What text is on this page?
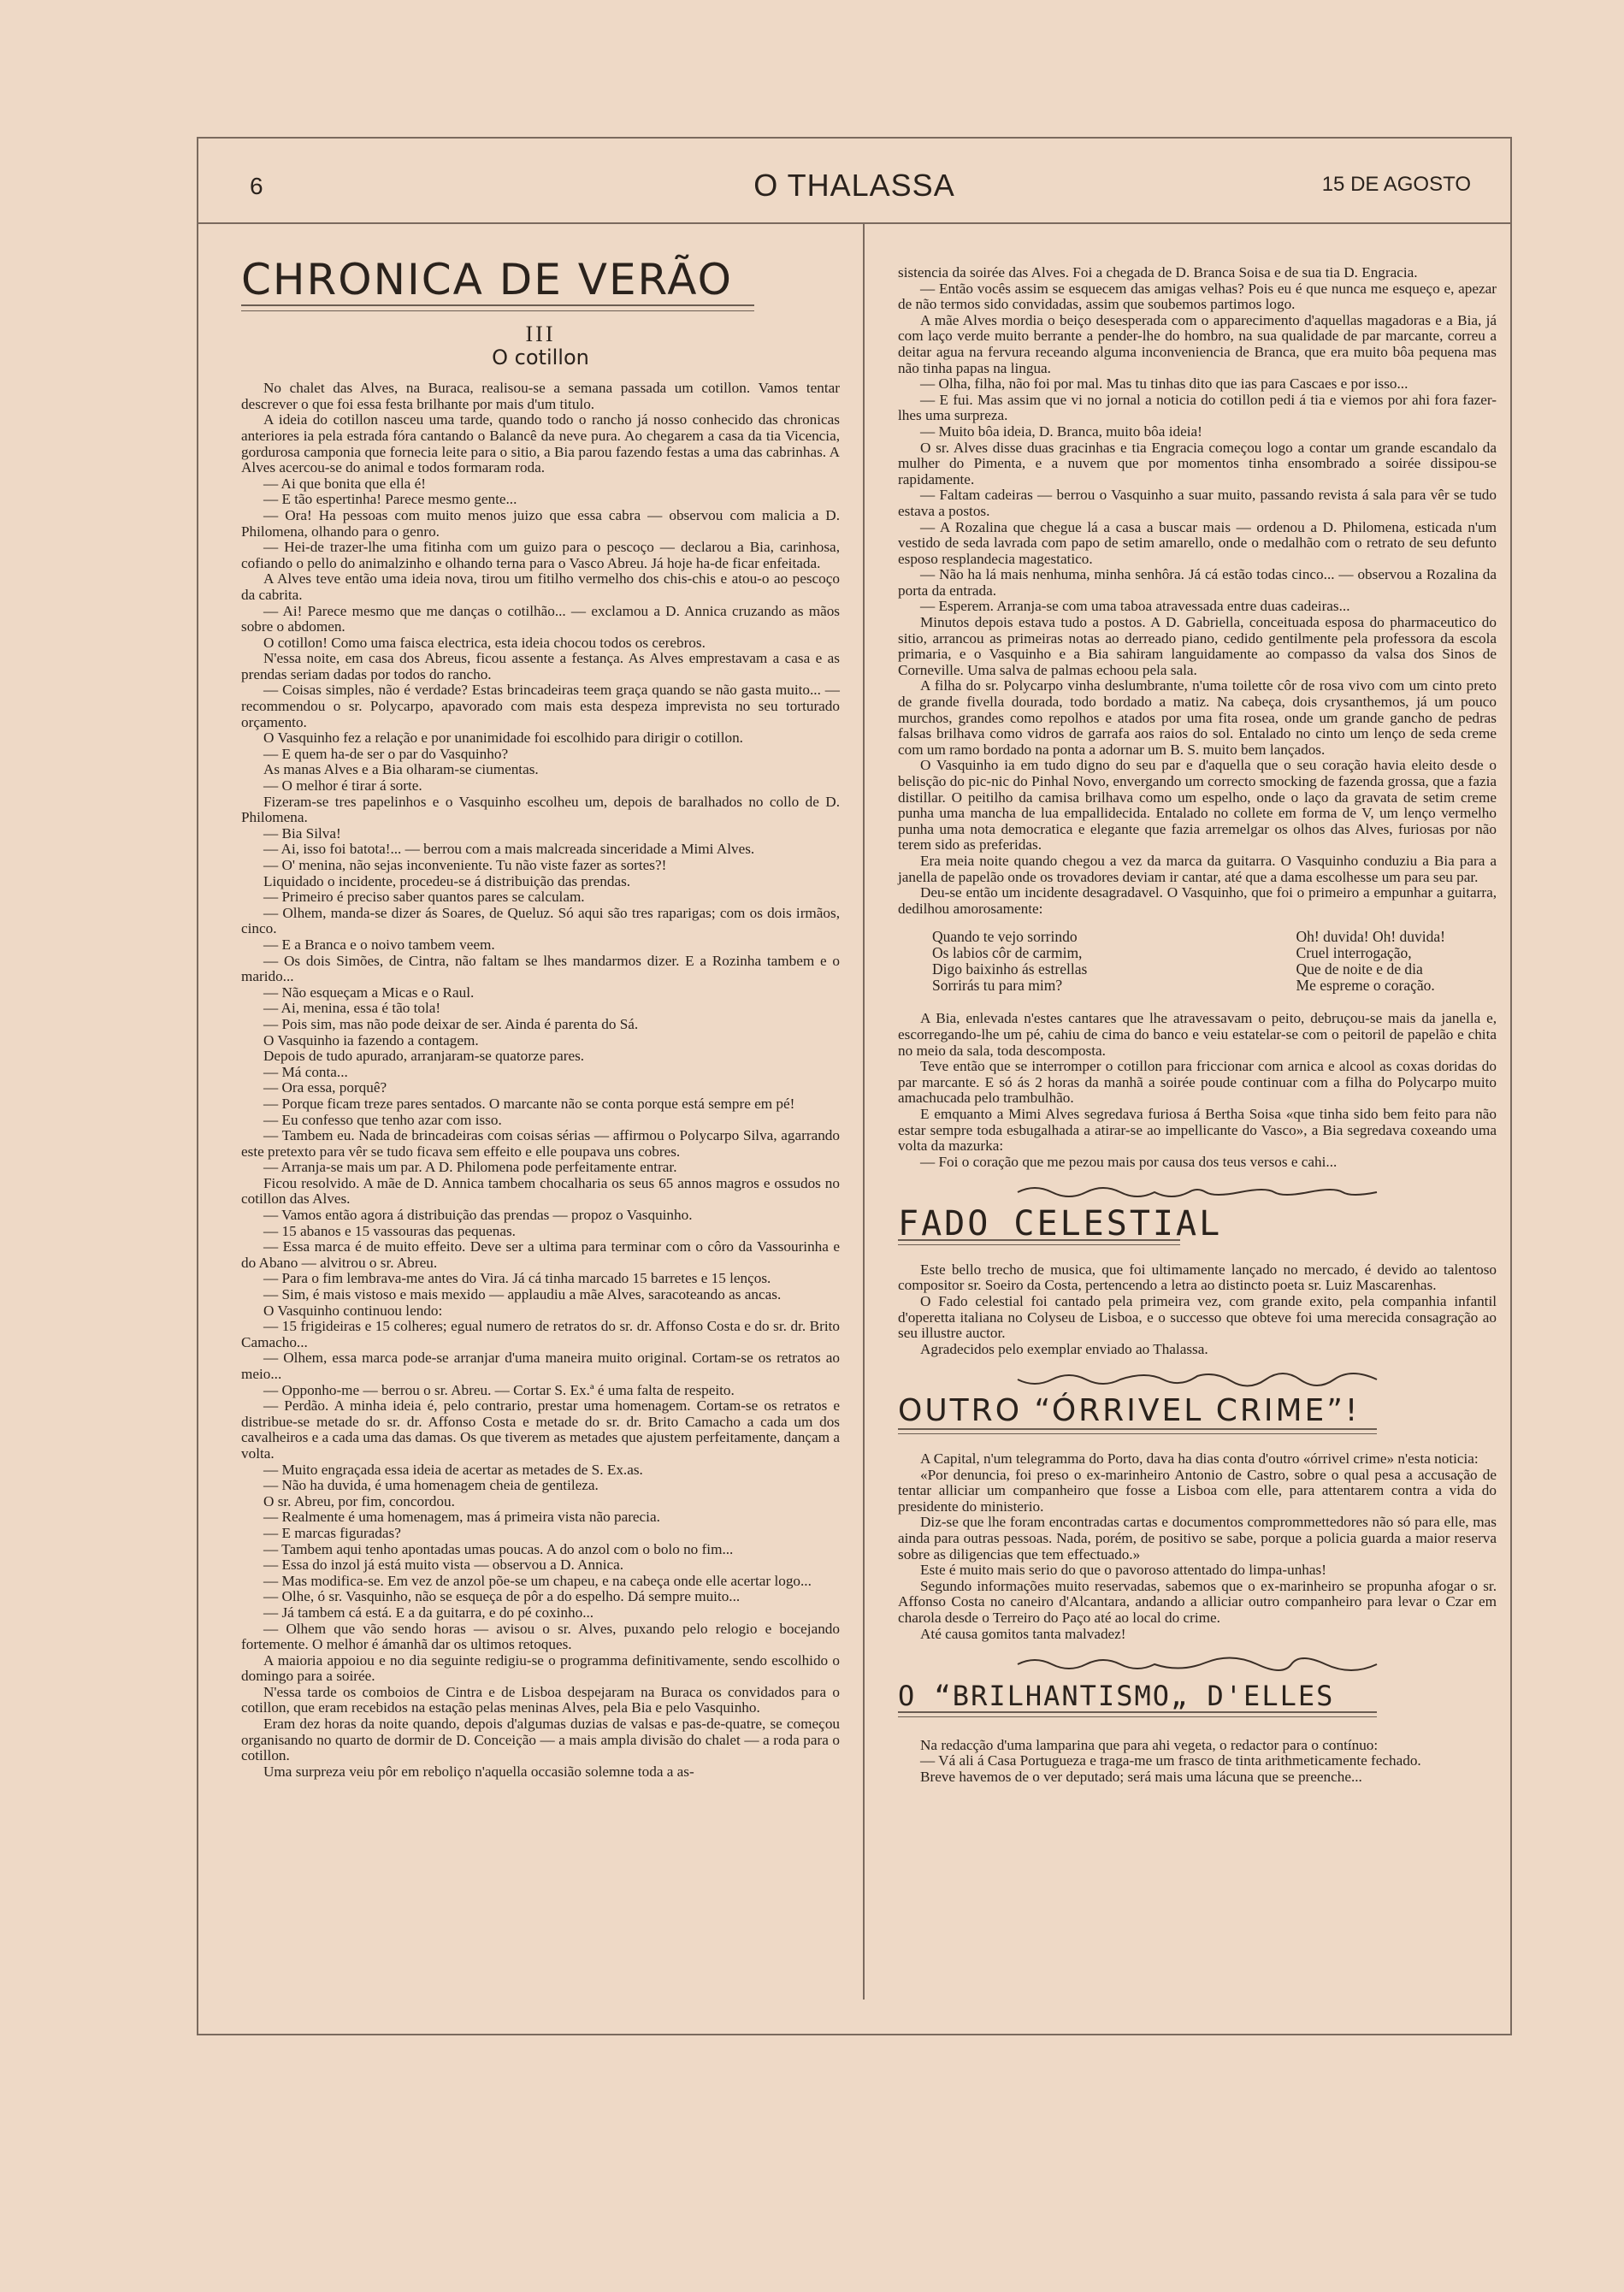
6	O THALASSA	15 DE AGOSTO
CHRONICA DE VERÃO
III
O cotillon

No chalet das Alves, na Buraca, realisou-se a semana passada um cotillon. Vamos tentar descrever o que foi essa festa brilhante por mais d'um titulo.

A ideia do cotillon nasceu uma tarde, quando todo o rancho já nosso conhecido das chronicas anteriores ia pela estrada fóra cantando o Balancê da neve pura. Ao chegarem a casa da tia Vicencia, gordurosa camponia que fornecia leite para o sitio, a Bia parou fazendo festas a uma das cabrinhas. A Alves acercou-se do animal e todos formaram roda.

— Ai que bonita que ella é!

— E tão espertinha! Parece mesmo gente...

— Ora! Ha pessoas com muito menos juizo que essa cabra — observou com malicia a D. Philomena, olhando para o genro.

— Hei-de trazer-lhe uma fitinha com um guizo para o pescoço — declarou a Bia, carinhosa, cofiando o pello do animalzinho e olhando terna para o Vasco Abreu. Já hoje ha-de ficar enfeitada.

A Alves teve então uma ideia nova, tirou um fitilho vermelho dos chis-chis e atou-o ao pescoço da cabrita.

— Ai! Parece mesmo que me danças o cotilhão... — exclamou a D. Annica cruzando as mãos sobre o abdomen.

O cotillon! Como uma faisca electrica, esta ideia chocou todos os cerebros.

N'essa noite, em casa dos Abreus, ficou assente a festança. As Alves emprestavam a casa e as prendas seriam dadas por todos do rancho.

— Coisas simples, não é verdade? Estas brincadeiras teem graça quando se não gasta muito... — recommendou o sr. Polycarpo, apavorado com mais esta despeza imprevista no seu torturado orçamento.

O Vasquinho fez a relação e por unanimidade foi escolhido para dirigir o cotillon.

— E quem ha-de ser o par do Vasquinho?

As manas Alves e a Bia olharam-se ciumentas.

— O melhor é tirar á sorte.

Fizeram-se tres papelinhos e o Vasquinho escolheu um, depois de baralhados no collo de D. Philomena.

— Bia Silva!

— Ai, isso foi batota!... — berrou com a mais malcreada sinceridade a Mimi Alves.

— O' menina, não sejas inconveniente. Tu não viste fazer as sortes?!

Liquidado o incidente, procedeu-se á distribuição das prendas.

— Primeiro é preciso saber quantos pares se calculam.

— Olhem, manda-se dizer ás Soares, de Queluz. Só aqui são tres raparigas; com os dois irmãos, cinco.

— E a Branca e o noivo tambem veem.

— Os dois Simões, de Cintra, não faltam se lhes mandarmos dizer. E a Rozinha tambem e o marido...

— Não esqueçam a Micas e o Raul.

— Ai, menina, essa é tão tola!

— Pois sim, mas não pode deixar de ser. Ainda é parenta do Sá.

O Vasquinho ia fazendo a contagem.

Depois de tudo apurado, arranjaram-se quatorze pares.

— Má conta...

— Ora essa, porquê?

— Porque ficam treze pares sentados. O marcante não se conta porque está sempre em pé!

— Eu confesso que tenho azar com isso.

— Tambem eu. Nada de brincadeiras com coisas sérias — affirmou o Polycarpo Silva, agarrando este pretexto para vêr se tudo ficava sem effeito e elle poupava uns cobres.

— Arranja-se mais um par. A D. Philomena pode perfeitamente entrar.

Ficou resolvido. A mãe de D. Annica tambem chocalharia os seus 65 annos magros e ossudos no cotillon das Alves.

— Vamos então agora á distribuição das prendas — propoz o Vasquinho.

— 15 abanos e 15 vassouras das pequenas.

— Essa marca é de muito effeito. Deve ser a ultima para terminar com o côro da Vassourinha e do Abano — alvitrou o sr. Abreu.

— Para o fim lembrava-me antes do Vira. Já cá tinha marcado 15 barretes e 15 lenços.

— Sim, é mais vistoso e mais mexido — applaudiu a mãe Alves, saracoteando as ancas.

O Vasquinho continuou lendo:

— 15 frigideiras e 15 colheres; egual numero de retratos do sr. dr. Affonso Costa e do sr. dr. Brito Camacho...

— Olhem, essa marca pode-se arranjar d'uma maneira muito original. Cortam-se os retratos ao meio...

— Opponho-me — berrou o sr. Abreu. — Cortar S. Ex.ª é uma falta de respeito.

— Perdão. A minha ideia é, pelo contrario, prestar uma homenagem. Cortam-se os retratos e distribue-se metade do sr. dr. Affonso Costa e metade do sr. dr. Brito Camacho a cada um dos cavalheiros e a cada uma das damas. Os que tiverem as metades que ajustem perfeitamente, dançam a volta.

— Muito engraçada essa ideia de acertar as metades de S. Ex.as.

— Não ha duvida, é uma homenagem cheia de gentileza.

O sr. Abreu, por fim, concordou.

— Realmente é uma homenagem, mas á primeira vista não parecia.

— E marcas figuradas?

— Tambem aqui tenho apontadas umas poucas. A do anzol com o bolo no fim...

— Essa do inzol já está muito vista — observou a D. Annica.

— Mas modifica-se. Em vez de anzol põe-se um chapeu, e na cabeça onde elle acertar logo...

— Olhe, ó sr. Vasquinho, não se esqueça de pôr a do espelho. Dá sempre muito...

— Já tambem cá está. E a da guitarra, e do pé coxinho...

— Olhem que vão sendo horas — avisou o sr. Alves, puxando pelo relogio e bocejando fortemente. O melhor é ámanhã dar os ultimos retoques.

A maioria appoiou e no dia seguinte redigiu-se o programma definitivamente, sendo escolhido o domingo para a soirée.

N'essa tarde os comboios de Cintra e de Lisboa despejaram na Buraca os convidados para o cotillon, que eram recebidos na estação pelas meninas Alves, pela Bia e pelo Vasquinho.

Eram dez horas da noite quando, depois d'algumas duzias de valsas e pas-de-quatre, se começou organisando no quarto de dormir de D. Conceição — a mais ampla divisão do chalet — a roda para o cotillon.

Uma surpreza veiu pôr em reboliço n'aquella occasião solemne toda a as-

sistencia da soirée das Alves. Foi a chegada de D. Branca Soisa e de sua tia D. Engracia.

— Então vocês assim se esquecem das amigas velhas? Pois eu é que nunca me esqueço e, apezar de não termos sido convidadas, assim que soubemos partimos logo.

A mãe Alves mordia o beiço desesperada com o apparecimento d'aquellas magadoras e a Bia, já com laço verde muito berrante a pender-lhe do hombro, na sua qualidade de par marcante, correu a deitar agua na fervura receando alguma inconveniencia de Branca, que era muito bôa pequena mas não tinha papas na lingua.

— Olha, filha, não foi por mal. Mas tu tinhas dito que ias para Cascaes e por isso...

— E fui. Mas assim que vi no jornal a noticia do cotillon pedi á tia e viemos por ahi fora fazer-lhes uma surpreza.

— Muito bôa ideia, D. Branca, muito bôa ideia!

O sr. Alves disse duas gracinhas e tia Engracia começou logo a contar um grande escandalo da mulher do Pimenta, e a nuvem que por momentos tinha ensombrado a soirée dissipou-se rapidamente.

— Faltam cadeiras — berrou o Vasquinho a suar muito, passando revista á sala para vêr se tudo estava a postos.

— A Rozalina que chegue lá a casa a buscar mais — ordenou a D. Philomena, esticada n'um vestido de seda lavrada com papo de setim amarello, onde o medalhão com o retrato de seu defunto esposo resplandecia magestatico.

— Não ha lá mais nenhuma, minha senhôra. Já cá estão todas cinco... — observou a Rozalina da porta da entrada.

— Esperem. Arranja-se com uma taboa atravessada entre duas cadeiras...

Minutos depois estava tudo a postos. A D. Gabriella, conceituada esposa do pharmaceutico do sitio, arrancou as primeiras notas ao derreado piano, cedido gentilmente pela professora da escola primaria, e o Vasquinho e a Bia sahiram languidamente ao compasso da valsa dos Sinos de Corneville. Uma salva de palmas echoou pela sala.

A filha do sr. Polycarpo vinha deslumbrante, n'uma toilette côr de rosa vivo com um cinto preto de grande fivella dourada, todo bordado a matiz. Na cabeça, dois crysanthemos, já um pouco murchos, grandes como repolhos e atados por uma fita rosea, onde um grande gancho de pedras falsas brilhava como vidros de garrafa aos raios do sol. Entalado no cinto um lenço de seda creme com um ramo bordado na ponta a adornar um B. S. muito bem lançados.

O Vasquinho ia em tudo digno do seu par e d'aquella que o seu coração havia eleito desde o belisção do pic-nic do Pinhal Novo, envergando um correcto smocking de fazenda grossa, que a fazia distillar. O peitilho da camisa brilhava como um espelho, onde o laço da gravata de setim creme punha uma mancha de lua empallidecida. Entalado no collete em forma de V, um lenço vermelho punha uma nota democratica e elegante que fazia arremelgar os olhos das Alves, furiosas por não terem sido as preferidas.

Era meia noite quando chegou a vez da marca da guitarra. O Vasquinho conduziu a Bia para a janella de papelão onde os trovadores deviam ir cantar, até que a dama escolhesse um para seu par.

Deu-se então um incidente desagradavel. O Vasquinho, que foi o primeiro a empunhar a guitarra, dedilhou amorosamente:

Quando te vejo sorrindo
Os labios côr de carmim,
Digo baixinho ás estrellas
Sorrirás tu para mim?
Oh! duvida! Oh! duvida!
Cruel interrogação,
Que de noite e de dia
Me espreme o coração.

A Bia, enlevada n'estes cantares que lhe atravessavam o peito, debruçou-se mais da janella e, escorregando-lhe um pé, cahiu de cima do banco e veiu estatelar-se com o peitoril de papelão e chita no meio da sala, toda descomposta.

Teve então que se interromper o cotillon para friccionar com arnica e alcool as coxas doridas do par marcante. E só ás 2 horas da manhã a soirée poude continuar com a filha do Polycarpo muito amachucada pelo trambulhão.

E emquanto a Mimi Alves segredava furiosa á Bertha Soisa «que tinha sido bem feito para não estar sempre toda esbugalhada a atirar-se ao impellicante do Vasco», a Bia segredava coxeando uma volta da mazurka:

— Foi o coração que me pezou mais por causa dos teus versos e cahi...

FADO CELESTIAL

Este bello trecho de musica, que foi ultimamente lançado no mercado, é devido ao talentoso compositor sr. Soeiro da Costa, pertencendo a letra ao distincto poeta sr. Luiz Mascarenhas.

O Fado celestial foi cantado pela primeira vez, com grande exito, pela companhia infantil d'operetta italiana no Colyseu de Lisboa, e o successo que obteve foi uma merecida consagração ao seu illustre auctor.

Agradecidos pelo exemplar enviado ao Thalassa.

OUTRO “ÓRRIVEL CRIME”!

A Capital, n'um telegramma do Porto, dava ha dias conta d'outro «órrivel crime» n'esta noticia:

«Por denuncia, foi preso o ex-marinheiro Antonio de Castro, sobre o qual pesa a accusação de tentar alliciar um companheiro que fosse a Lisboa com elle, para attentarem contra a vida do presidente do ministerio.

Diz-se que lhe foram encontradas cartas e documentos comprommettedores não só para elle, mas ainda para outras pessoas. Nada, porém, de positivo se sabe, porque a policia guarda a maior reserva sobre as diligencias que tem effectuado.»

Este é muito mais serio do que o pavoroso attentado do limpa-unhas!

Segundo informações muito reservadas, sabemos que o ex-marinheiro se propunha afogar o sr. Affonso Costa no caneiro d'Alcantara, andando a alliciar outro companheiro para levar o Czar em charola desde o Terreiro do Paço até ao local do crime.

Até causa gomitos tanta malvadez!

O “BRILHANTISMO„ D'ELLES

Na redacção d'uma lamparina que para ahi vegeta, o redactor para o contínuo:

— Vá ali á Casa Portugueza e traga-me um frasco de tinta arithmeticamente fechado.

Breve havemos de o ver deputado; será mais uma lácuna que se preenche...
